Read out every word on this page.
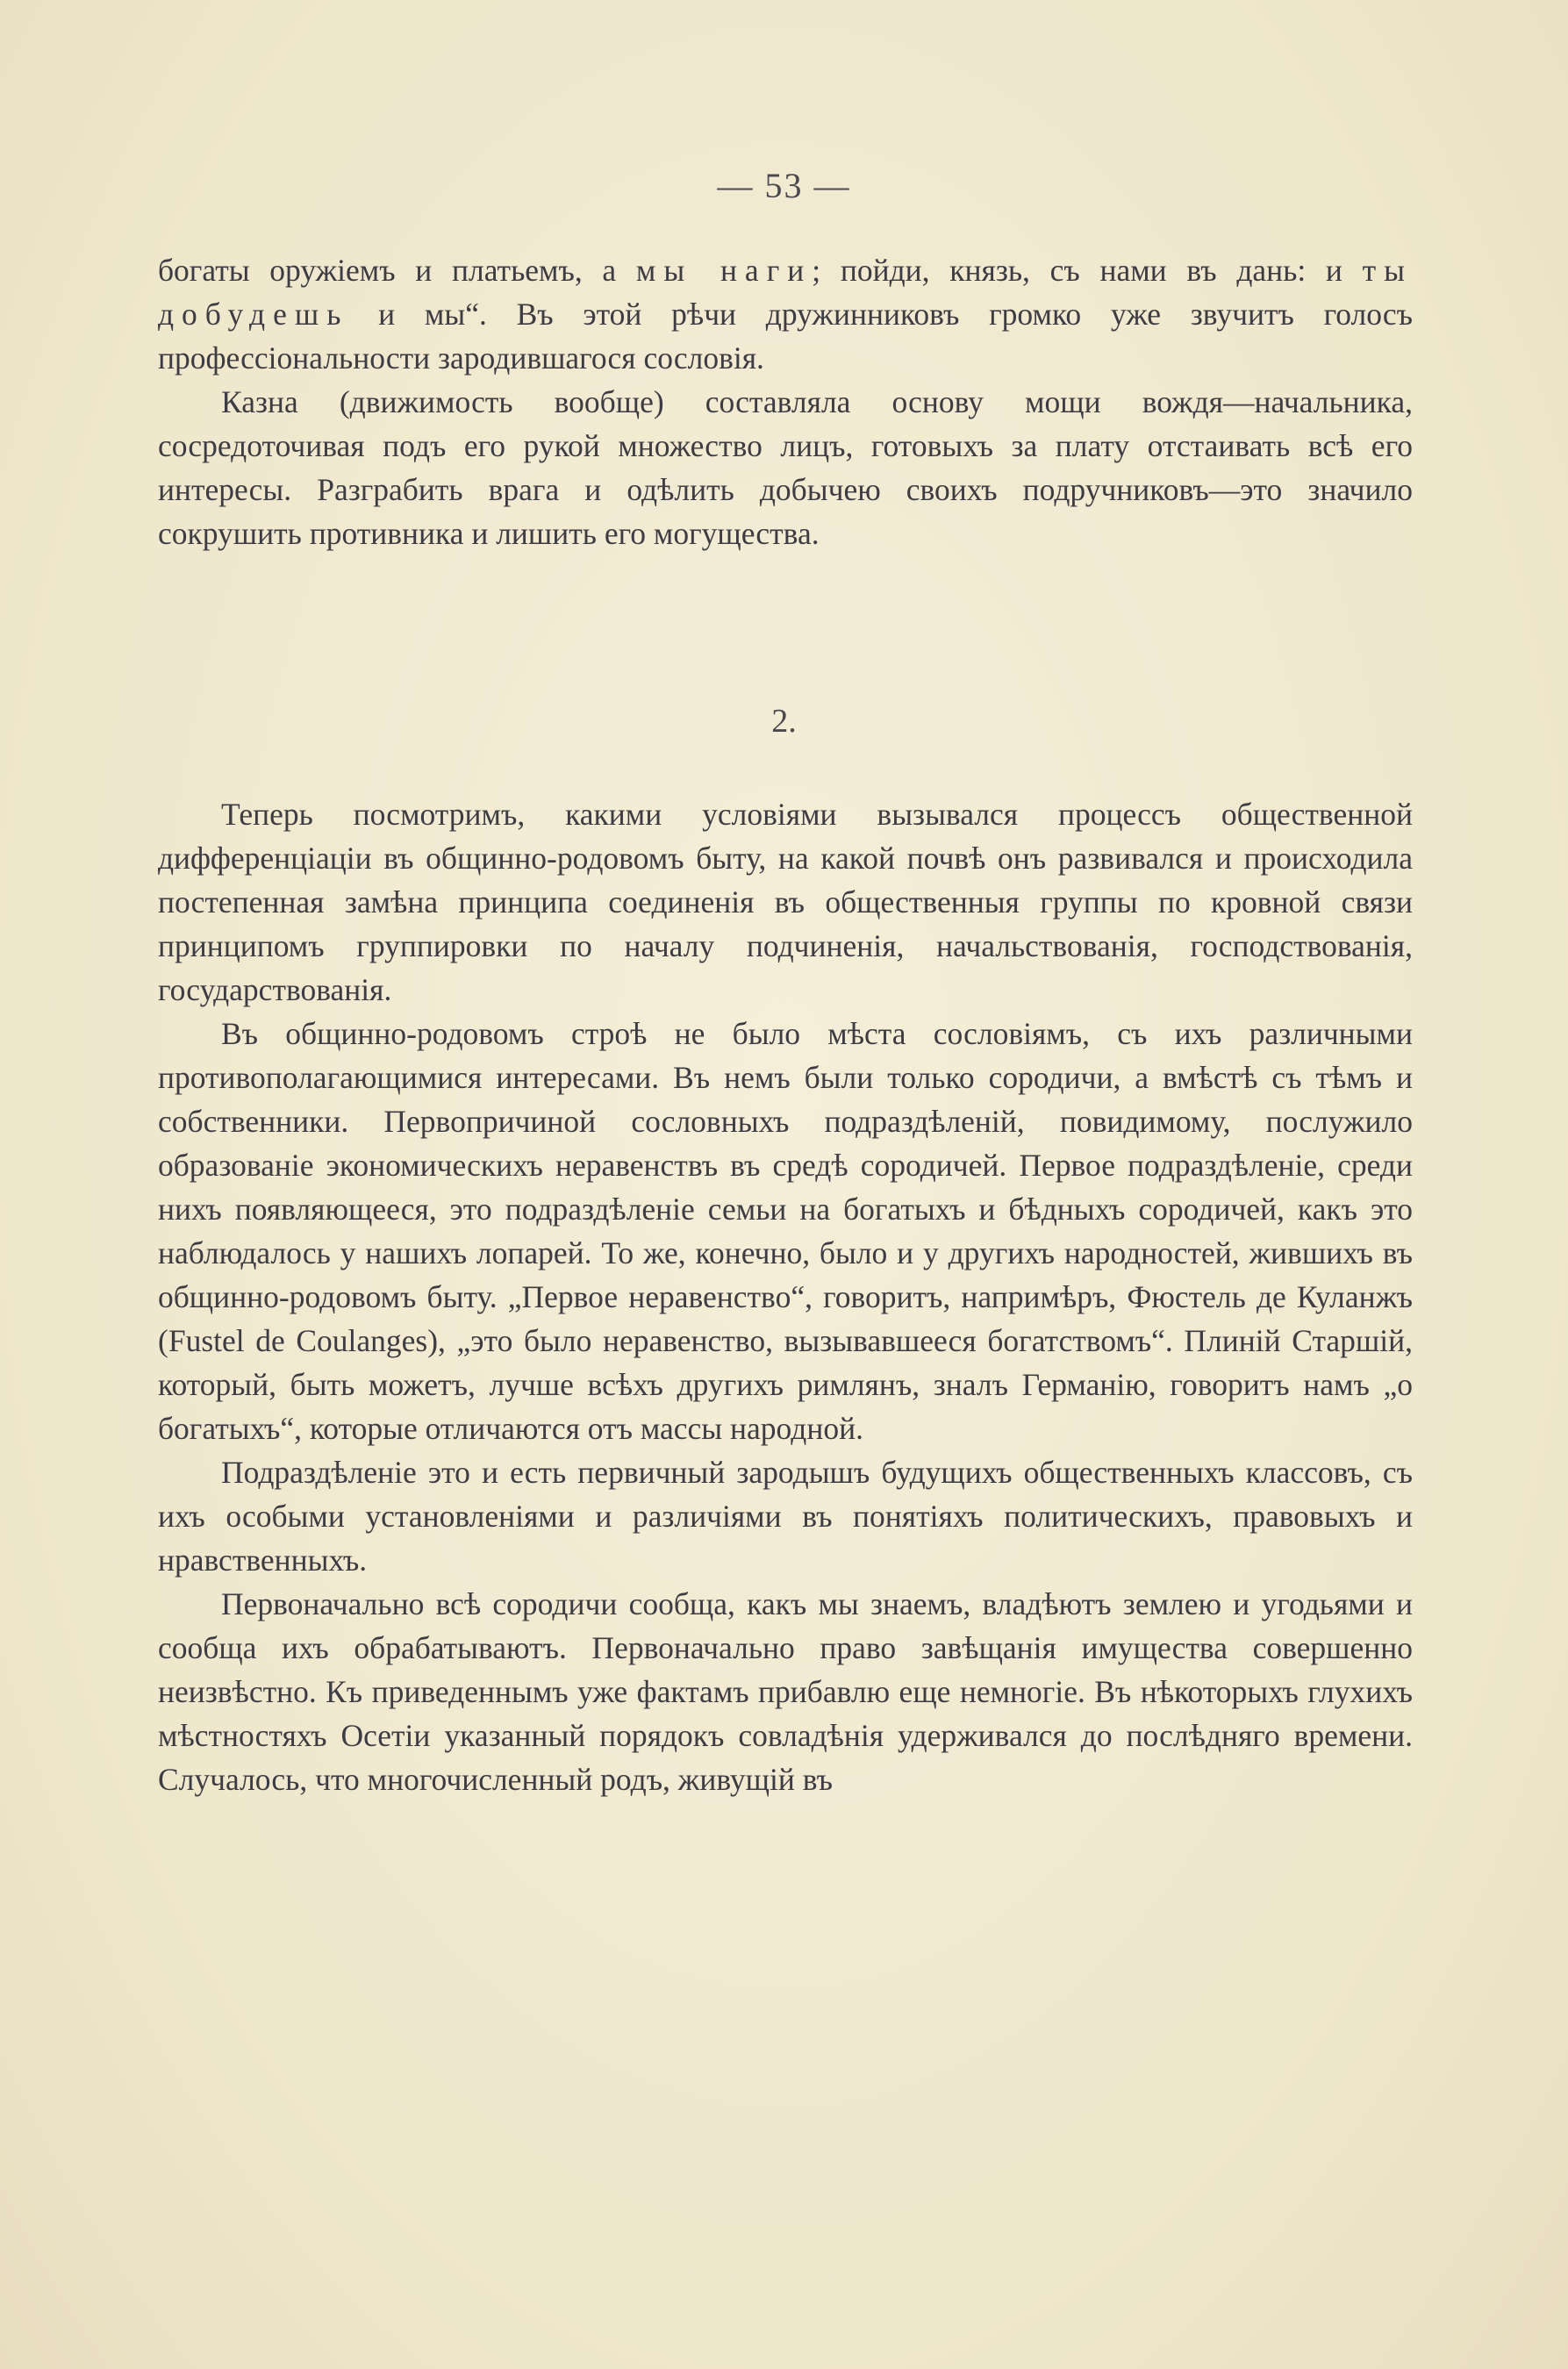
— 53 —

богаты оружіемъ и платьемъ, а мы наги; пойди, князь, съ нами въ дань: и ты добудешь и мы“. Въ этой рѣчи дружинниковъ громко уже звучитъ голосъ профессіональности зародившагося сословія.

Казна (движимость вообще) составляла основу мощи вождя—начальника, сосредоточивая подъ его рукой множество лицъ, готовыхъ за плату отстаивать всѣ его интересы. Разграбить врага и одѣлить добычею своихъ подручниковъ—это значило сокрушить противника и лишить его могущества.

2.

Теперь посмотримъ, какими условіями вызывался процессъ общественной дифференціаціи въ общинно-родовомъ быту, на какой почвѣ онъ развивался и происходила постепенная замѣна принципа соединенія въ общественныя группы по кровной связи принципомъ группировки по началу подчиненія, начальствованія, господствованія, государствованія.

Въ общинно-родовомъ строѣ не было мѣста сословіямъ, съ ихъ различными противополагающимися интересами. Въ немъ были только сородичи, а вмѣстѣ съ тѣмъ и собственники. Первопричиной сословныхъ подраздѣленій, повидимому, послужило образованіе экономическихъ неравенствъ въ средѣ сородичей. Первое подраздѣленіе, среди нихъ появляющееся, это подраздѣленіе семьи на богатыхъ и бѣдныхъ сородичей, какъ это наблюдалось у нашихъ лопарей. То же, конечно, было и у другихъ народностей, жившихъ въ общинно-родовомъ быту. „Первое неравенство“, говоритъ, напримѣръ, Фюстель де Куланжъ (Fustel de Coulanges), „это было неравенство, вызывавшееся богатствомъ“. Плиній Старшій, который, быть можетъ, лучше всѣхъ другихъ римлянъ, зналъ Германію, говоритъ намъ „о богатыхъ“, которые отличаются отъ массы народной.

Подраздѣленіе это и есть первичный зародышъ будущихъ общественныхъ классовъ, съ ихъ особыми установленіями и различіями въ понятіяхъ политическихъ, правовыхъ и нравственныхъ.

Первоначально всѣ сородичи сообща, какъ мы знаемъ, владѣютъ землею и угодьями и сообща ихъ обрабатываютъ. Первоначально право завѣщанія имущества совершенно неизвѣстно. Къ приведеннымъ уже фактамъ прибавлю еще немногіе. Въ нѣкоторыхъ глухихъ мѣстностяхъ Осетіи указанный порядокъ совладѣнія удерживался до послѣдняго времени. Случалось, что многочисленный родъ, живущій въ
